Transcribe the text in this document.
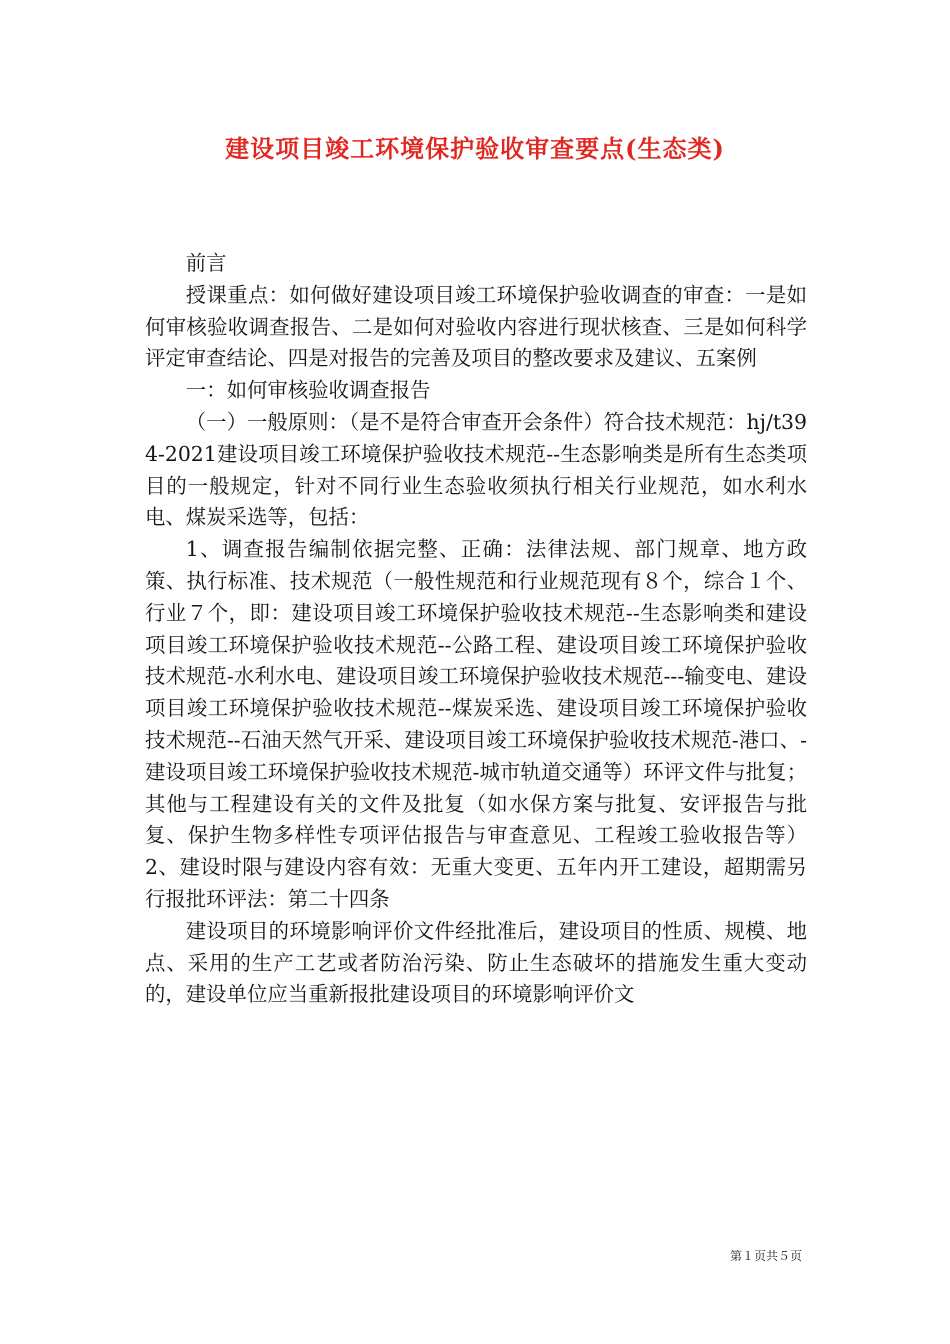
建设项目竣工环境保护验收审查要点(生态类)

前言

授课重点：如何做好建设项目竣工环境保护验收调查的审查：一是如何审核验收调查报告、二是如何对验收内容进行现状核查、三是如何科学评定审查结论、四是对报告的完善及项目的整改要求及建议、五案例

一：如何审核验收调查报告

（一）一般原则：（是不是符合审查开会条件）符合技术规范：hj/t394-2021建设项目竣工环境保护验收技术规范--生态影响类是所有生态类项目的一般规定，针对不同行业生态验收须执行相关行业规范，如水利水电、煤炭采选等，包括：

1、调查报告编制依据完整、正确：法律法规、部门规章、地方政策、执行标准、技术规范（一般性规范和行业规范现有８个，综合１个、行业７个，即：建设项目竣工环境保护验收技术规范--生态影响类和建设项目竣工环境保护验收技术规范--公路工程、建设项目竣工环境保护验收技术规范-水利水电、建设项目竣工环境保护验收技术规范---输变电、建设项目竣工环境保护验收技术规范--煤炭采选、建设项目竣工环境保护验收技术规范--石油天然气开采、建设项目竣工环境保护验收技术规范-港口、-建设项目竣工环境保护验收技术规范-城市轨道交通等）环评文件与批复；其他与工程建设有关的文件及批复（如水保方案与批复、安评报告与批复、保护生物多样性专项评估报告与审查意见、工程竣工验收报告等）2、建设时限与建设内容有效：无重大变更、五年内开工建设，超期需另行报批环评法：第二十四条

建设项目的环境影响评价文件经批准后，建设项目的性质、规模、地点、采用的生产工艺或者防治污染、防止生态破坏的措施发生重大变动的，建设单位应当重新报批建设项目的环境影响评价文

第１页共５页
